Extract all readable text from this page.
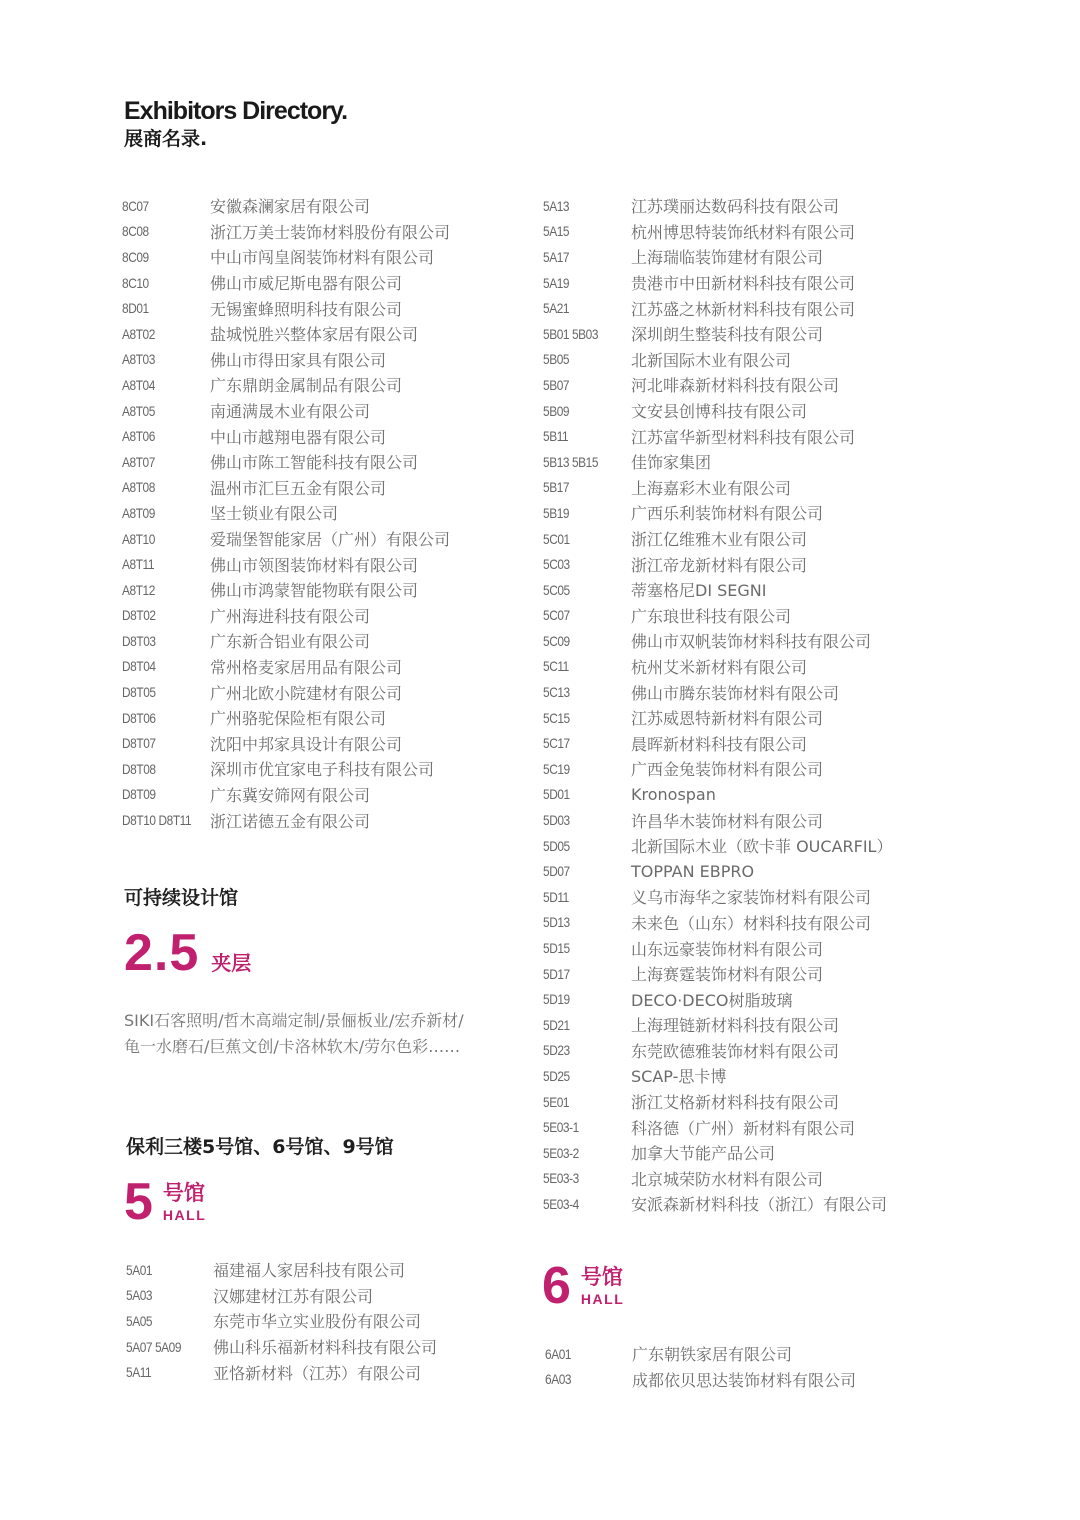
Exhibitors Directory.
展商名录.
8C07	安徽森澜家居有限公司
8C08	浙江万美士装饰材料股份有限公司
8C09	中山市闯皇阁装饰材料有限公司
8C10	佛山市威尼斯电器有限公司
8D01	无锡蜜蜂照明科技有限公司
A8T02	盐城悦胜兴整体家居有限公司
A8T03	佛山市得田家具有限公司
A8T04	广东鼎朗金属制品有限公司
A8T05	南通满晟木业有限公司
A8T06	中山市越翔电器有限公司
A8T07	佛山市陈工智能科技有限公司
A8T08	温州市汇巨五金有限公司
A8T09	坚士锁业有限公司
A8T10	爱瑞堡智能家居（广州）有限公司
A8T11	佛山市领图装饰材料有限公司
A8T12	佛山市鸿蒙智能物联有限公司
D8T02	广州海进科技有限公司
D8T03	广东新合铝业有限公司
D8T04	常州格麦家居用品有限公司
D8T05	广州北欧小院建材有限公司
D8T06	广州骆驼保险柜有限公司
D8T07	沈阳中邦家具设计有限公司
D8T08	深圳市优宜家电子科技有限公司
D8T09	广东冀安筛网有限公司
D8T10 D8T11 浙江诺德五金有限公司
可持续设计馆
2.5 夹层
SIKI石客照明/哲木高端定制/景俪板业/宏乔新材/龟一水磨石/巨蕉文创/卡洛林软木/劳尔色彩……
保利三楼5号馆、6号馆、9号馆
5 号馆
HALL
5A01	福建福人家居科技有限公司
5A03	汉娜建材江苏有限公司
5A05	东莞市华立实业股份有限公司
5A07 5A09 佛山科乐福新材料科技有限公司
5A11	亚恪新材料（江苏）有限公司
5A13	江苏璞丽达数码科技有限公司
5A15	杭州博思特装饰纸材料有限公司
5A17	上海瑞临装饰建材有限公司
5A19	贵港市中田新材料科技有限公司
5A21	江苏盛之林新材料科技有限公司
5B01 5B03 深圳朗生整装科技有限公司
5B05	北新国际木业有限公司
5B07	河北啡森新材料科技有限公司
5B09	文安县创博科技有限公司
5B11	江苏富华新型材料科技有限公司
5B13 5B15 佳饰家集团
5B17	上海嘉彩木业有限公司
5B19	广西乐利装饰材料有限公司
5C01	浙江亿维雅木业有限公司
5C03	浙江帝龙新材料有限公司
5C05	蒂塞格尼DI SEGNI
5C07	广东琅世科技有限公司
5C09	佛山市双帆装饰材料科技有限公司
5C11	杭州艾米新材料有限公司
5C13	佛山市腾东装饰材料有限公司
5C15	江苏威恩特新材料有限公司
5C17	晨晖新材料科技有限公司
5C19	广西金兔装饰材料有限公司
5D01	Kronospan
5D03	许昌华木装饰材料有限公司
5D05	北新国际木业（欧卡菲 OUCARFIL）
5D07	TOPPAN EBPRO
5D11	义乌市海华之家装饰材料有限公司
5D13	未来色（山东）材料科技有限公司
5D15	山东远豪装饰材料有限公司
5D17	上海赛霆装饰材料有限公司
5D19	DECO·DECO树脂玻璃
5D21	上海理链新材料科技有限公司
5D23	东莞欧德雅装饰材料有限公司
5D25	SCAP-思卡博
5E01	浙江艾格新材料科技有限公司
5E03-1	科洛德（广州）新材料有限公司
5E03-2	加拿大节能产品公司
5E03-3	北京城荣防水材料有限公司
5E03-4	安派森新材料科技（浙江）有限公司
6 号馆
HALL
6A01	广东朝铁家居有限公司
6A03	成都依贝思达装饰材料有限公司
